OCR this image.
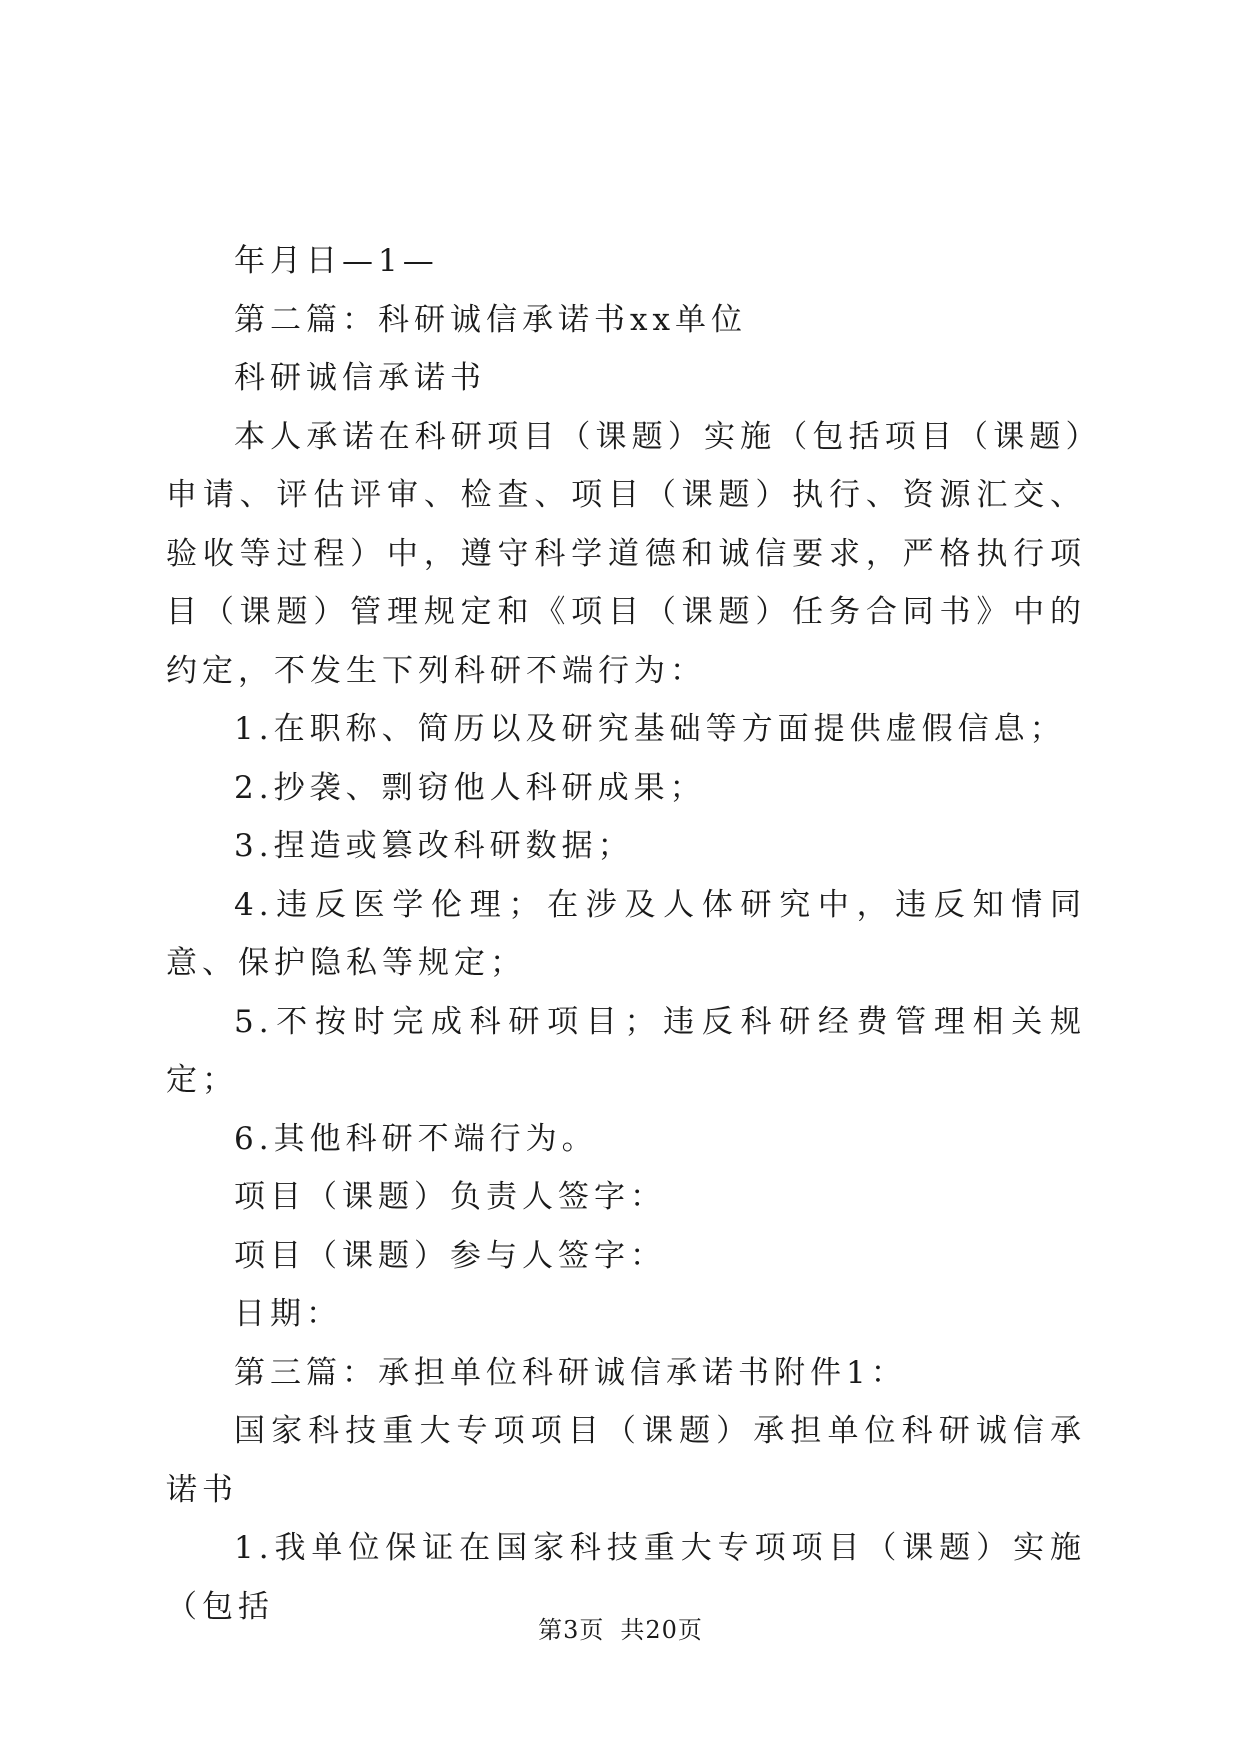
年月日—1—

第二篇：科研诚信承诺书xx单位

科研诚信承诺书

本人承诺在科研项目（课题）实施（包括项目（课题）申请、评估评审、检查、项目（课题）执行、资源汇交、验收等过程）中，遵守科学道德和诚信要求，严格执行项目（课题）管理规定和《项目（课题）任务合同书》中的约定，不发生下列科研不端行为：

1.在职称、简历以及研究基础等方面提供虚假信息；

2.抄袭、剽窃他人科研成果；

3.捏造或篡改科研数据；

4.违反医学伦理；在涉及人体研究中，违反知情同意、保护隐私等规定；

5.不按时完成科研项目；违反科研经费管理相关规定；

6.其他科研不端行为。

项目（课题）负责人签字：

项目（课题）参与人签字：

日期：

第三篇：承担单位科研诚信承诺书附件1：

国家科技重大专项项目（课题）承担单位科研诚信承诺书

1.我单位保证在国家科技重大专项项目（课题）实施（包括

第3页 共20页
